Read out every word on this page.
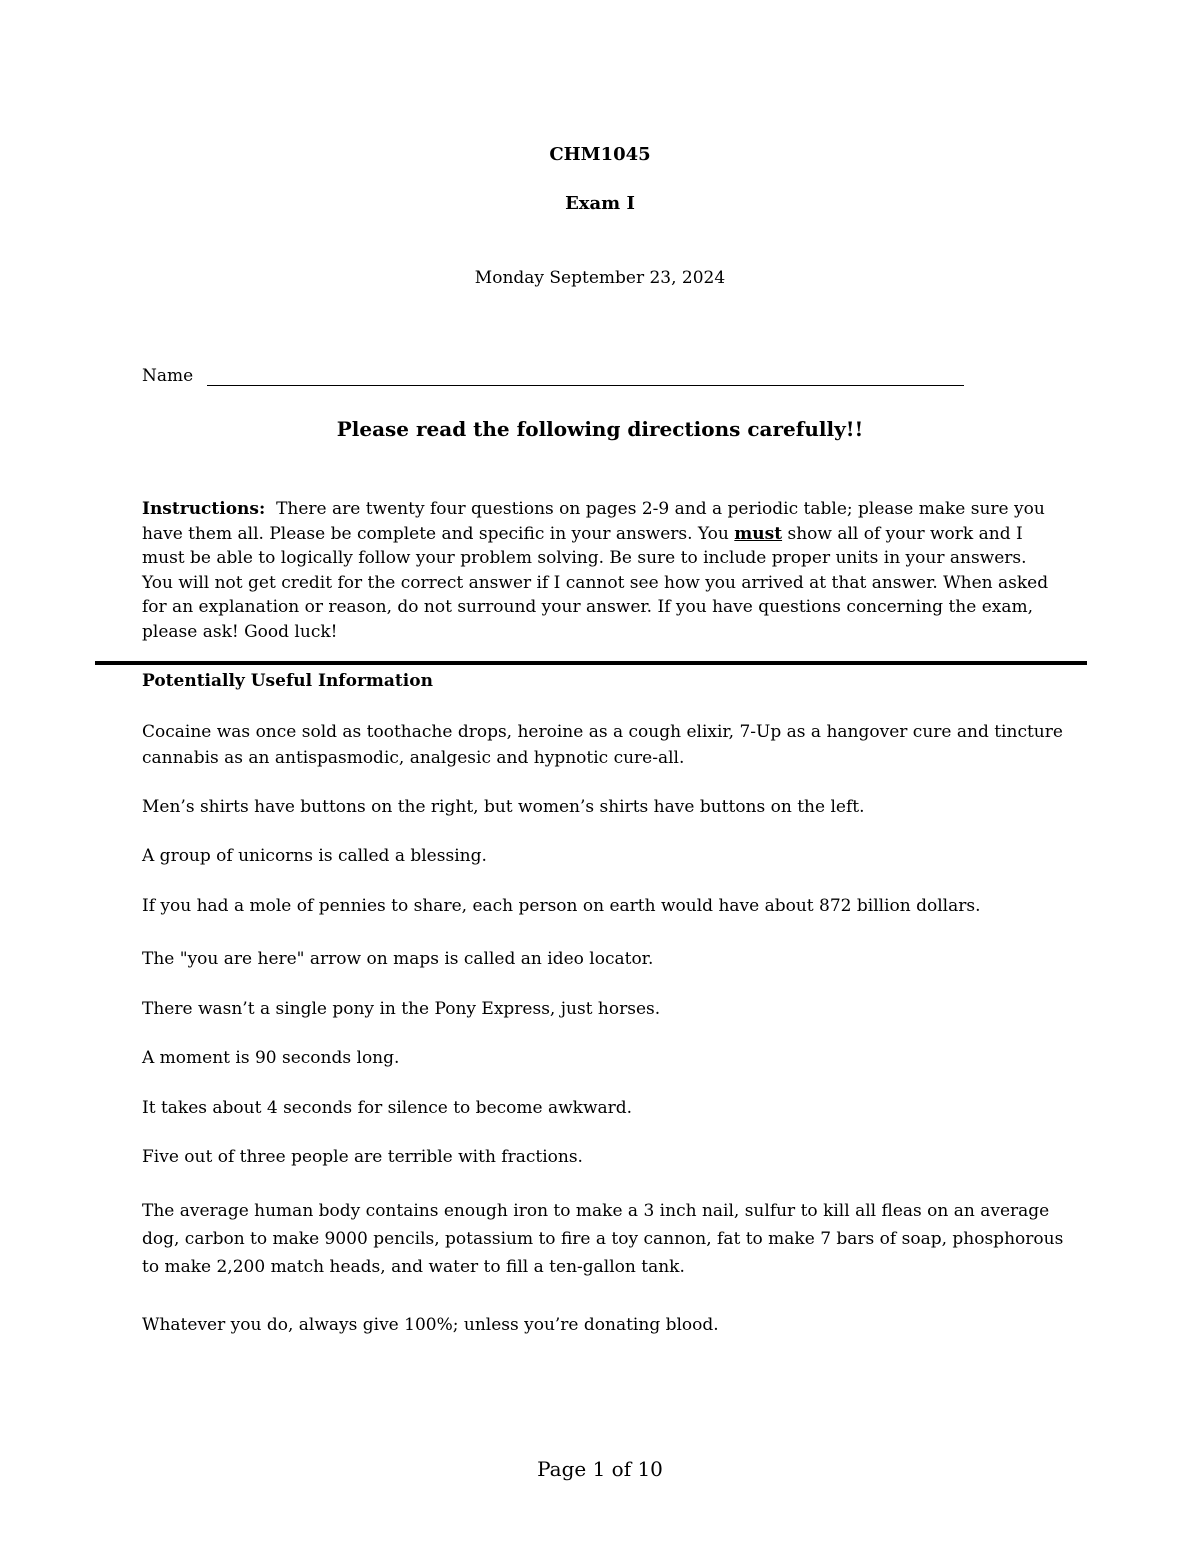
CHM1045
Exam I
Monday September 23, 2024
Name
Please read the following directions carefully!!
Instructions: There are twenty four questions on pages 2-9 and a periodic table; please make sure you have them all. Please be complete and specific in your answers. You must show all of your work and I must be able to logically follow your problem solving. Be sure to include proper units in your answers. You will not get credit for the correct answer if I cannot see how you arrived at that answer. When asked for an explanation or reason, do not surround your answer. If you have questions concerning the exam, please ask! Good luck!
Potentially Useful Information
Cocaine was once sold as toothache drops, heroine as a cough elixir, 7-Up as a hangover cure and tincture cannabis as an antispasmodic, analgesic and hypnotic cure-all.
Men’s shirts have buttons on the right, but women’s shirts have buttons on the left.
A group of unicorns is called a blessing.
If you had a mole of pennies to share, each person on earth would have about 872 billion dollars.
The "you are here" arrow on maps is called an ideo locator.
There wasn’t a single pony in the Pony Express, just horses.
A moment is 90 seconds long.
It takes about 4 seconds for silence to become awkward.
Five out of three people are terrible with fractions.
The average human body contains enough iron to make a 3 inch nail, sulfur to kill all fleas on an average dog, carbon to make 9000 pencils, potassium to fire a toy cannon, fat to make 7 bars of soap, phosphorous to make 2,200 match heads, and water to fill a ten-gallon tank.
Whatever you do, always give 100%; unless you’re donating blood.
Page 1 of 10
